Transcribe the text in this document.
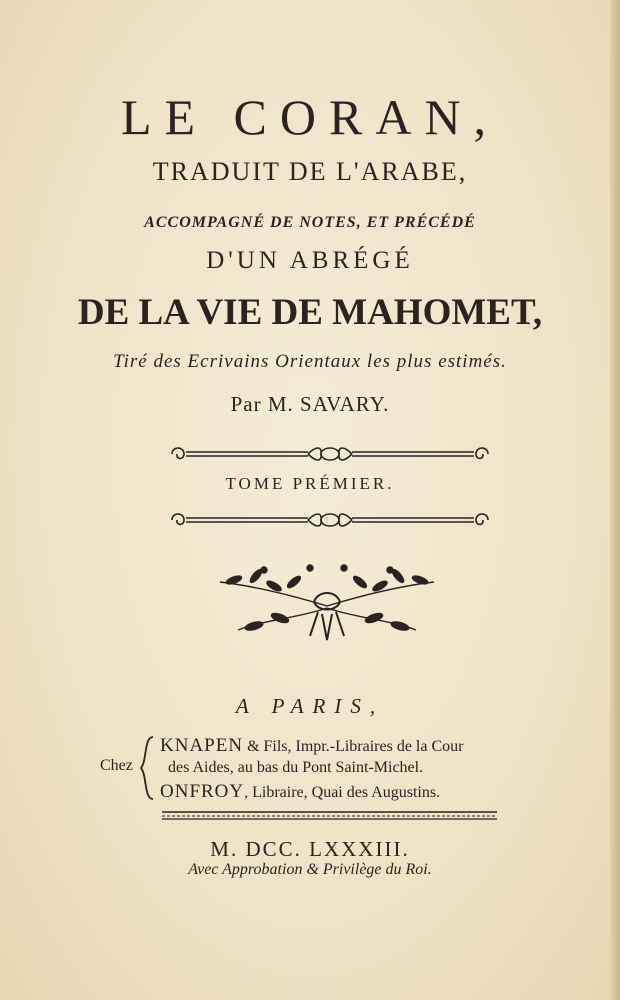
LE CORAN,
TRADUIT DE L'ARABE,
ACCOMPAGNÉ DE NOTES, ET PRÉCÉDÉ
D'UN ABRÉGÉ
DE LA VIE DE MAHOMET,
Tiré des Ecrivains Orientaux les plus estimés.
Par M. SAVARY.
TOME PRÉMIER.
A PARIS,
Chez
KNAPEN & Fils, Impr.-Libraires de la Cour
des Aides, au bas du Pont Saint-Michel.
ONFROY, Libraire, Quai des Augustins.
M. DCC. LXXXIII.
Avec Approbation & Privilège du Roi.
